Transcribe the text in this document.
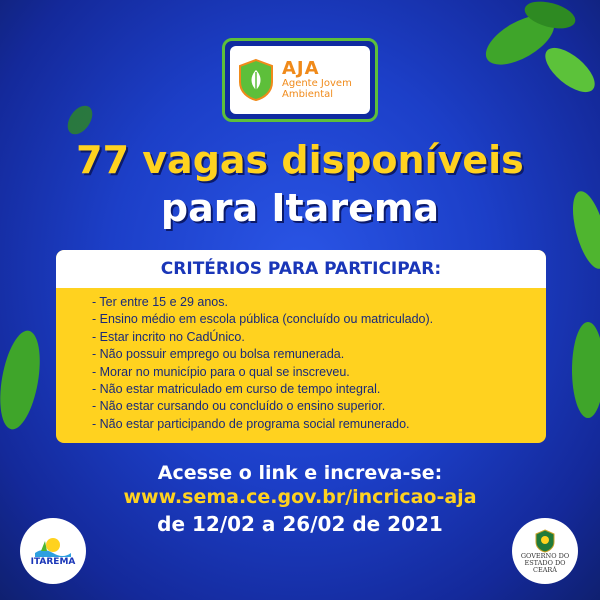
AJA
Agente Jovem
Ambiental
77 vagas disponíveis
para Itarema
CRITÉRIOS PARA PARTICIPAR:
- Ter entre 15 e 29 anos.
- Ensino médio em escola pública (concluído ou matriculado).
- Estar incrito no CadÚnico.
- Não possuir emprego ou bolsa remunerada.
- Morar no município para o qual se inscreveu.
- Não estar matriculado em curso de tempo integral.
- Não estar cursando ou concluído o ensino superior.
- Não estar participando de programa social remunerado.
Acesse o link e increva-se:
www.sema.ce.gov.br/incricao-aja
de 12/02 a 26/02 de 2021
ITAREMA
GOVERNO DO
ESTADO DO CEARÁ
